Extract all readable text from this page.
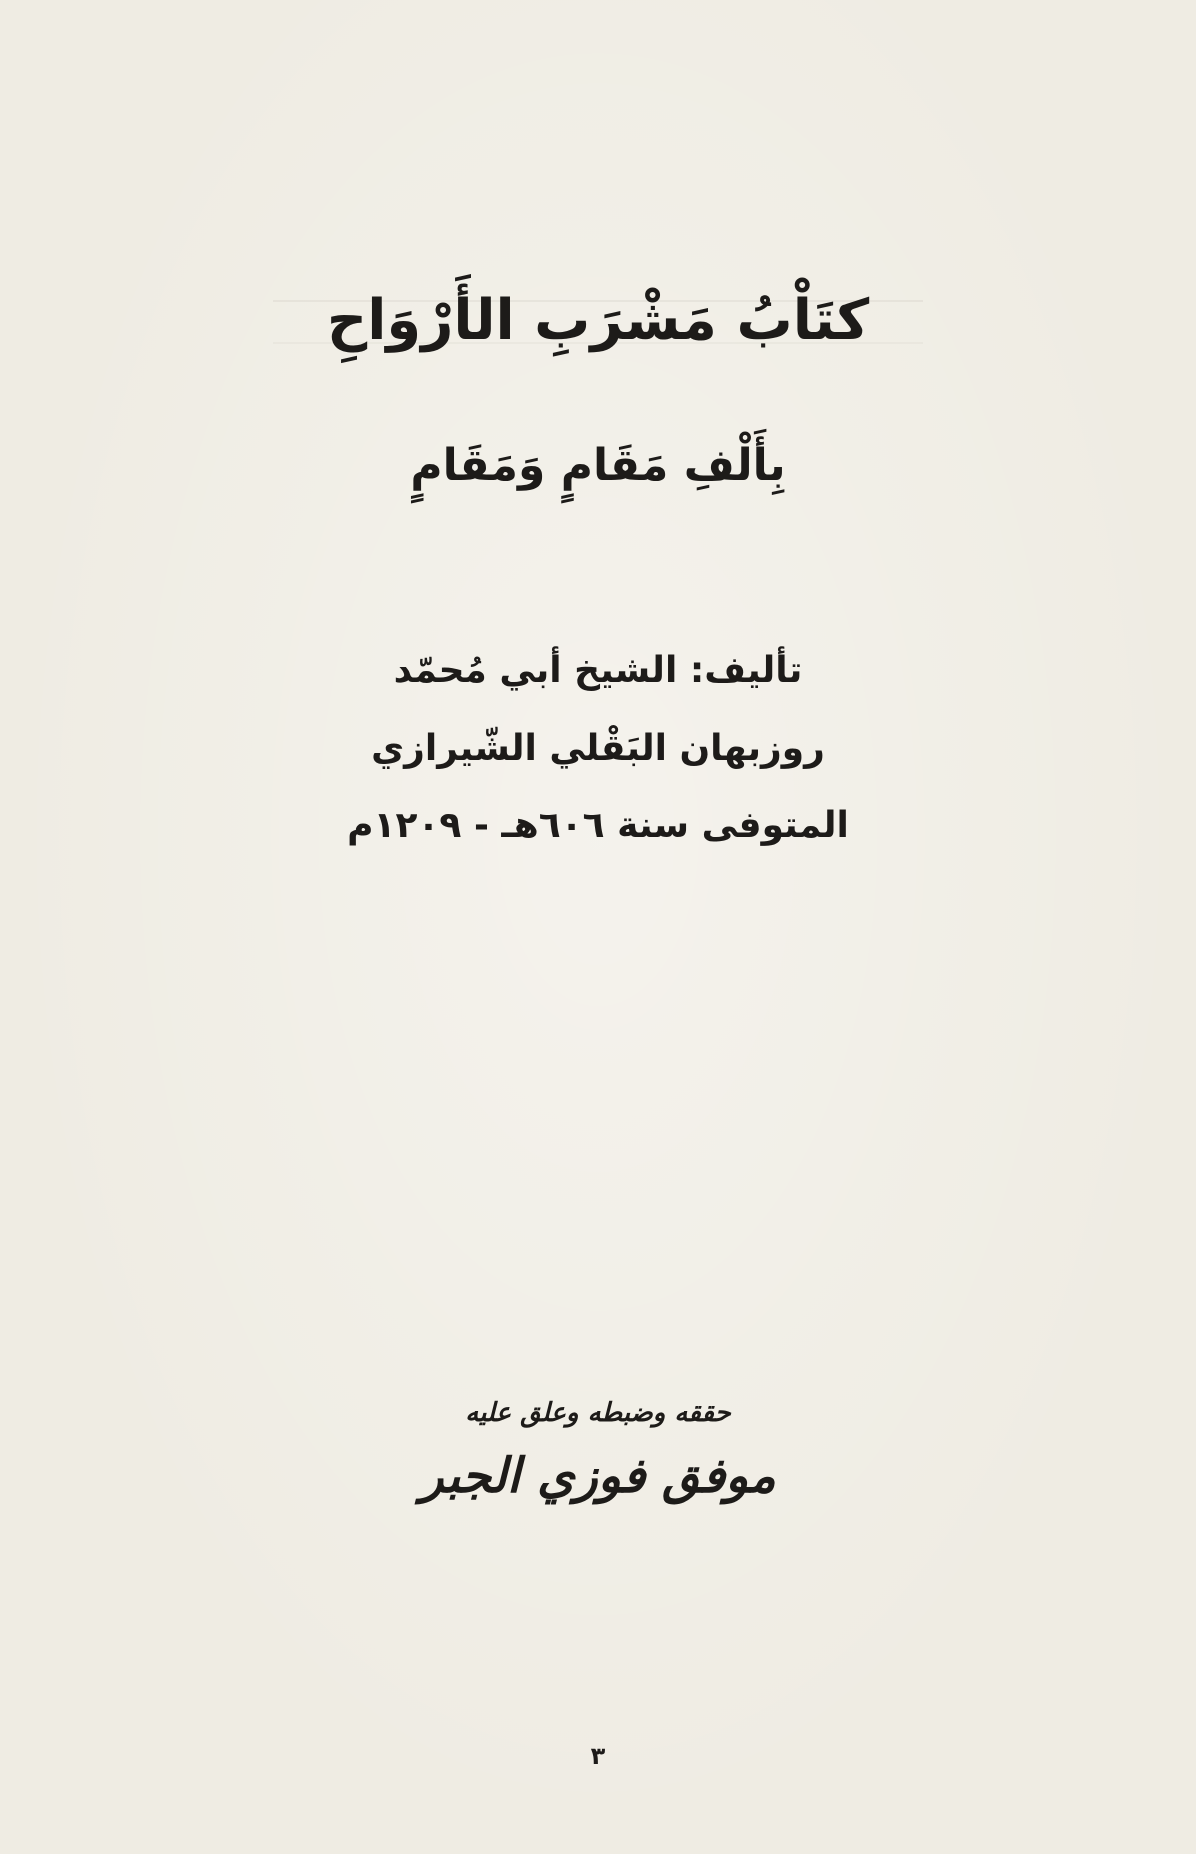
كتَاْبُ مَشْرَبِ الأَرْوَاحِ
بِأَلْفِ مَقَامٍ وَمَقَامٍ
تأليف: الشيخ أبي مُحمّد
روزبهان البَقْلي الشّيرازي
المتوفى سنة ٦٠٦هـ - ١٢٠٩م
حققه وضبطه وعلق عليه
موفق فوزي الجبر
٣
